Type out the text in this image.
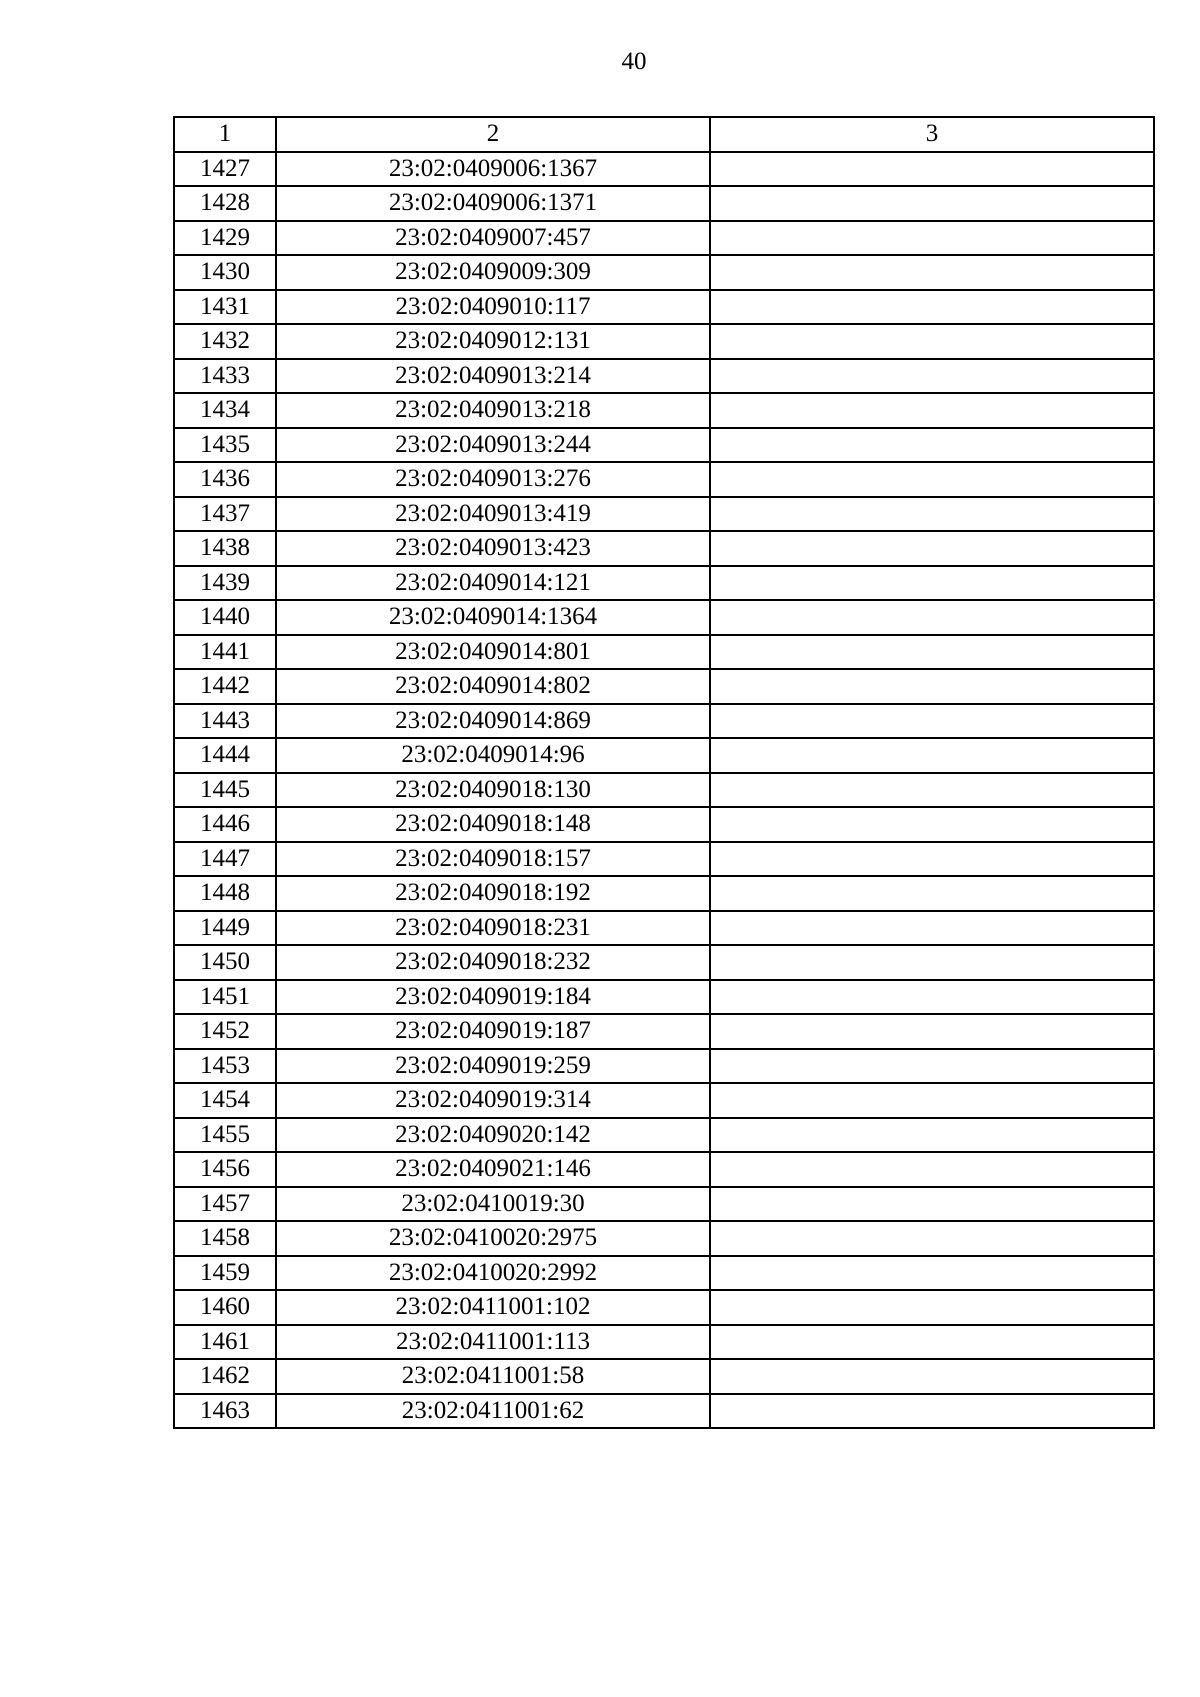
40
1	2	3
1427	23:02:0409006:1367	
1428	23:02:0409006:1371	
1429	23:02:0409007:457	
1430	23:02:0409009:309	
1431	23:02:0409010:117	
1432	23:02:0409012:131	
1433	23:02:0409013:214	
1434	23:02:0409013:218	
1435	23:02:0409013:244	
1436	23:02:0409013:276	
1437	23:02:0409013:419	
1438	23:02:0409013:423	
1439	23:02:0409014:121	
1440	23:02:0409014:1364	
1441	23:02:0409014:801	
1442	23:02:0409014:802	
1443	23:02:0409014:869	
1444	23:02:0409014:96	
1445	23:02:0409018:130	
1446	23:02:0409018:148	
1447	23:02:0409018:157	
1448	23:02:0409018:192	
1449	23:02:0409018:231	
1450	23:02:0409018:232	
1451	23:02:0409019:184	
1452	23:02:0409019:187	
1453	23:02:0409019:259	
1454	23:02:0409019:314	
1455	23:02:0409020:142	
1456	23:02:0409021:146	
1457	23:02:0410019:30	
1458	23:02:0410020:2975	
1459	23:02:0410020:2992	
1460	23:02:0411001:102	
1461	23:02:0411001:113	
1462	23:02:0411001:58	
1463	23:02:0411001:62	
